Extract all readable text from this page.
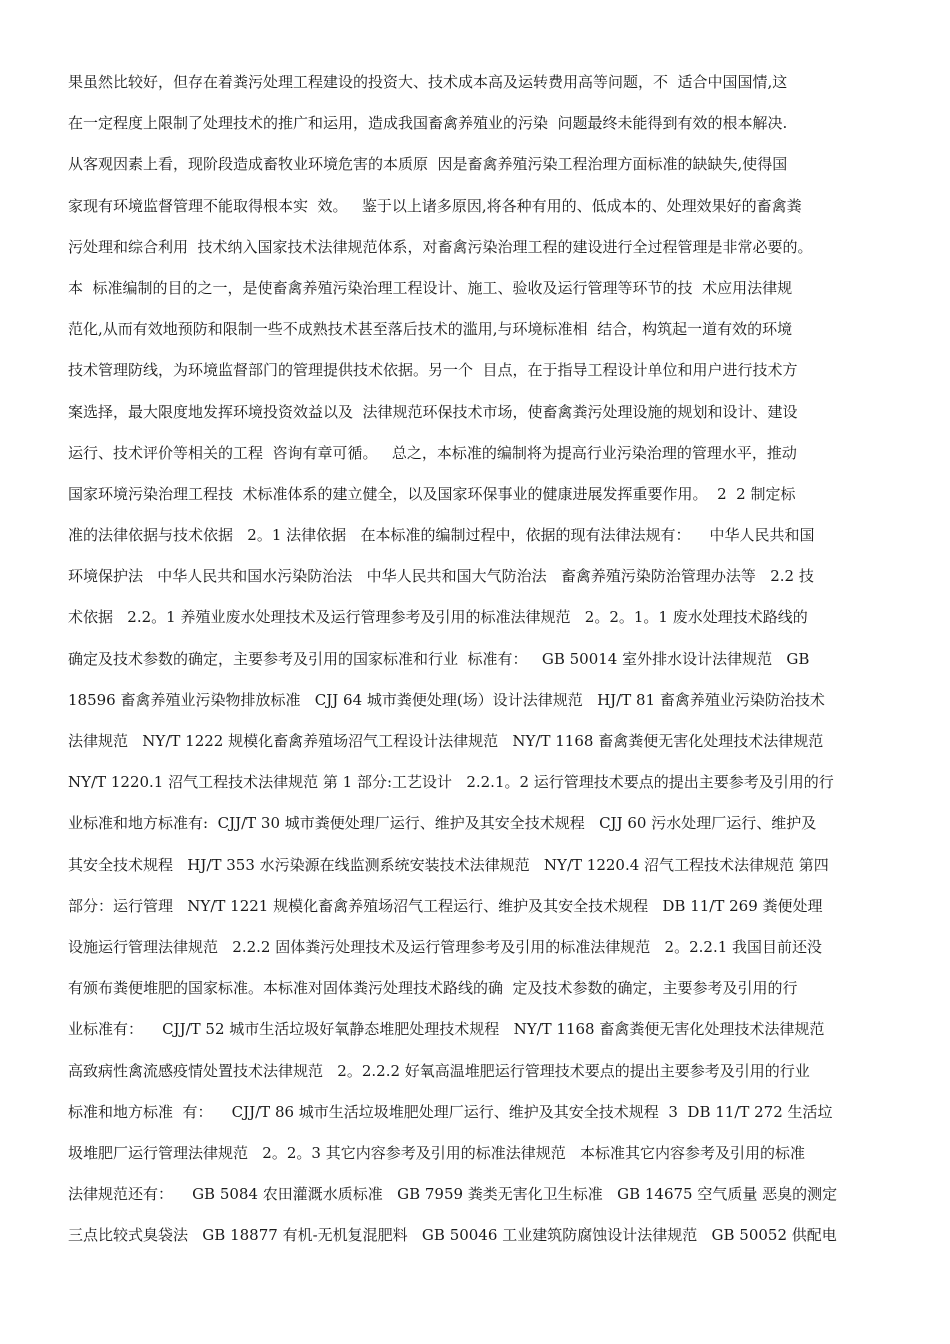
果虽然比较好，但存在着粪污处理工程建设的投资大、技术成本高及运转费用高等问题，不  适合中国国情,这
在一定程度上限制了处理技术的推广和运用，造成我国畜禽养殖业的污染  问题最终未能得到有效的根本解决.
从客观因素上看，现阶段造成畜牧业环境危害的本质原  因是畜禽养殖污染工程治理方面标准的缺缺失,使得国
家现有环境监督管理不能取得根本实  效。   鉴于以上诸多原因,将各种有用的、低成本的、处理效果好的畜禽粪
污处理和综合利用  技术纳入国家技术法律规范体系，对畜禽污染治理工程的建设进行全过程管理是非常必要的。
本  标准编制的目的之一，是使畜禽养殖污染治理工程设计、施工、验收及运行管理等环节的技  术应用法律规
范化,从而有效地预防和限制一些不成熟技术甚至落后技术的滥用,与环境标准相  结合，构筑起一道有效的环境
技术管理防线，为环境监督部门的管理提供技术依据。另一个  目点，在于指导工程设计单位和用户进行技术方
案选择，最大限度地发挥环境投资效益以及  法律规范环保技术市场，使畜禽粪污处理设施的规划和设计、建设
运行、技术评价等相关的工程  咨询有章可循。   总之，本标准的编制将为提高行业污染治理的管理水平，推动
国家环境污染治理工程技  术标准体系的建立健全，以及国家环保事业的健康进展发挥重要作用。  2  2 制定标
准的法律依据与技术依据   2。1 法律依据   在本标准的编制过程中，依据的现有法律法规有：    中华人民共和国
环境保护法   中华人民共和国水污染防治法   中华人民共和国大气防治法   畜禽养殖污染防治管理办法等   2.2 技
术依据   2.2。1 养殖业废水处理技术及运行管理参考及引用的标准法律规范   2。2。1。1 废水处理技术路线的
确定及技术参数的确定，主要参考及引用的国家标准和行业  标准有：   GB 50014 室外排水设计法律规范   GB
18596 畜禽养殖业污染物排放标准   CJJ 64 城市粪便处理(场）设计法律规范   HJ/T 81 畜禽养殖业污染防治技术
法律规范   NY/T 1222 规模化畜禽养殖场沼气工程设计法律规范   NY/T 1168 畜禽粪便无害化处理技术法律规范
NY/T 1220.1 沼气工程技术法律规范 第 1 部分:工艺设计   2.2.1。2 运行管理技术要点的提出主要参考及引用的行
业标准和地方标准有:  CJJ/T 30 城市粪便处理厂运行、维护及其安全技术规程   CJJ 60 污水处理厂运行、维护及
其安全技术规程   HJ/T 353 水污染源在线监测系统安装技术法律规范   NY/T 1220.4 沼气工程技术法律规范 第四
部分：运行管理   NY/T 1221 规模化畜禽养殖场沼气工程运行、维护及其安全技术规程   DB 11/T 269 粪便处理
设施运行管理法律规范   2.2.2 固体粪污处理技术及运行管理参考及引用的标准法律规范   2。2.2.1 我国目前还没
有颁布粪便堆肥的国家标准。本标准对固体粪污处理技术路线的确  定及技术参数的确定，主要参考及引用的行
业标准有：    CJJ/T 52 城市生活垃圾好氧静态堆肥处理技术规程   NY/T 1168 畜禽粪便无害化处理技术法律规范
高致病性禽流感疫情处置技术法律规范   2。2.2.2 好氧高温堆肥运行管理技术要点的提出主要参考及引用的行业
标准和地方标准  有：    CJJ/T 86 城市生活垃圾堆肥处理厂运行、维护及其安全技术规程  3  DB 11/T 272 生活垃
圾堆肥厂运行管理法律规范   2。2。3 其它内容参考及引用的标准法律规范   本标准其它内容参考及引用的标准
法律规范还有：    GB 5084 农田灌溉水质标准   GB 7959 粪类无害化卫生标准   GB 14675 空气质量 恶臭的测定
三点比较式臭袋法   GB 18877 有机-无机复混肥料   GB 50046 工业建筑防腐蚀设计法律规范   GB 50052 供配电
